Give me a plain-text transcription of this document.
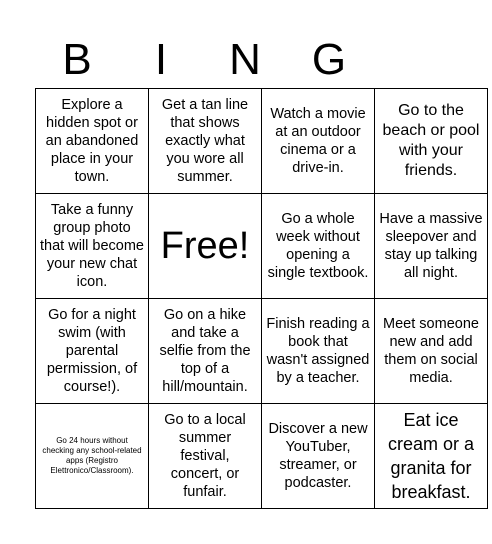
B	I	N	G
Explore a hidden spot or an abandoned place in your town.	Get a tan line that shows exactly what you wore all summer.	Watch a movie at an outdoor cinema or a drive-in.	Go to the beach or pool with your friends.
Take a funny group photo that will become your new chat icon.	Free!	Go a whole week without opening a single textbook.	Have a massive sleepover and stay up talking all night.
Go for a night swim (with parental permission, of course!).	Go on a hike and take a selfie from the top of a hill/mountain.	Finish reading a book that wasn't assigned by a teacher.	Meet someone new and add them on social media.
Go 24 hours without checking any school-related apps (Registro Elettronico/Classroom).	Go to a local summer festival, concert, or funfair.	Discover a new YouTuber, streamer, or podcaster.	Eat ice cream or a granita for breakfast.
